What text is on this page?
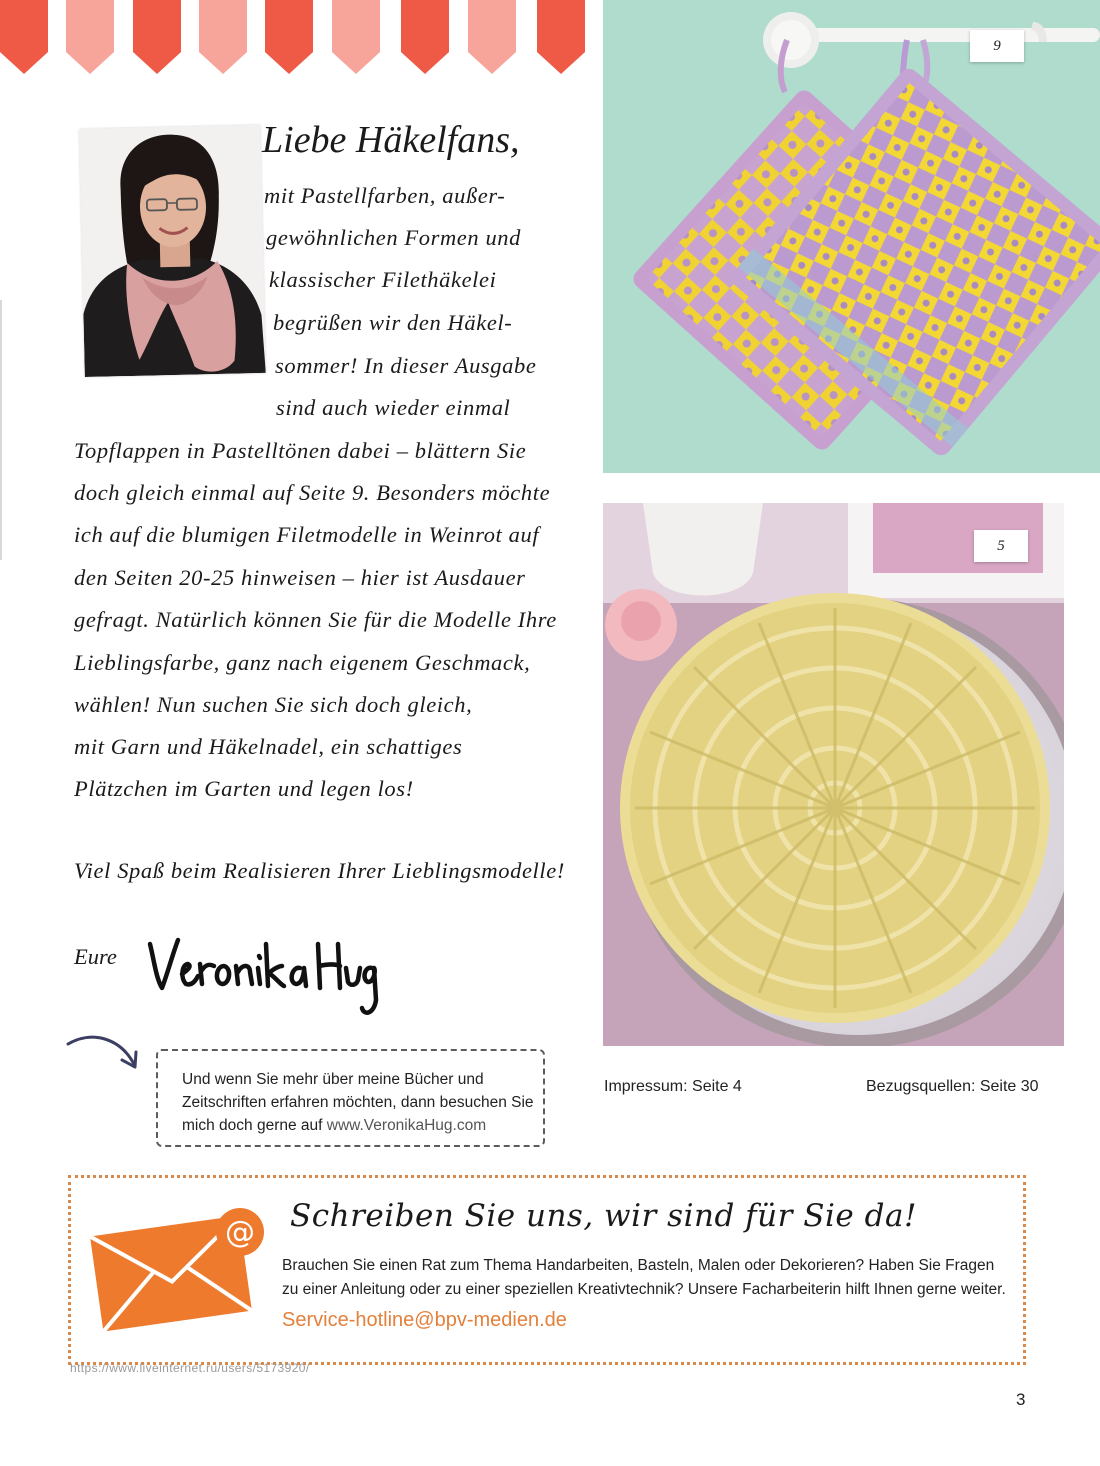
Liebe Häkelfans,
mit Pastellfarben, außer-
gewöhnlichen Formen und
klassischer Filethäkelei
begrüßen wir den Häkel-
sommer! In dieser Ausgabe
sind auch wieder einmal
Topflappen in Pastelltönen dabei – blättern Sie
doch gleich einmal auf Seite 9. Besonders möchte
ich auf die blumigen Filetmodelle in Weinrot auf
den Seiten 20-25 hinweisen – hier ist Ausdauer
gefragt. Natürlich können Sie für die Modelle Ihre
Lieblingsfarbe, ganz nach eigenem Geschmack,
wählen! Nun suchen Sie sich doch gleich,
mit Garn und Häkelnadel, ein schattiges
Plätzchen im Garten und legen los!
Viel Spaß beim Realisieren Ihrer Lieblingsmodelle!
Eure
Und wenn Sie mehr über meine Bücher und
Zeitschriften erfahren möchten, dann besuchen Sie
mich doch gerne auf www.VeronikaHug.com
9
5
Impressum: Seite 4	Bezugsquellen: Seite 30
@ Schreiben Sie uns, wir sind für Sie da!
Brauchen Sie einen Rat zum Thema Handarbeiten, Basteln, Malen oder Dekorieren? Haben Sie Fragen
zu einer Anleitung oder zu einer speziellen Kreativtechnik? Unsere Facharbeiterin hilft Ihnen gerne weiter.
Service-hotline@bpv-medien.de
https://www.liveinternet.ru/users/5173920/
3
